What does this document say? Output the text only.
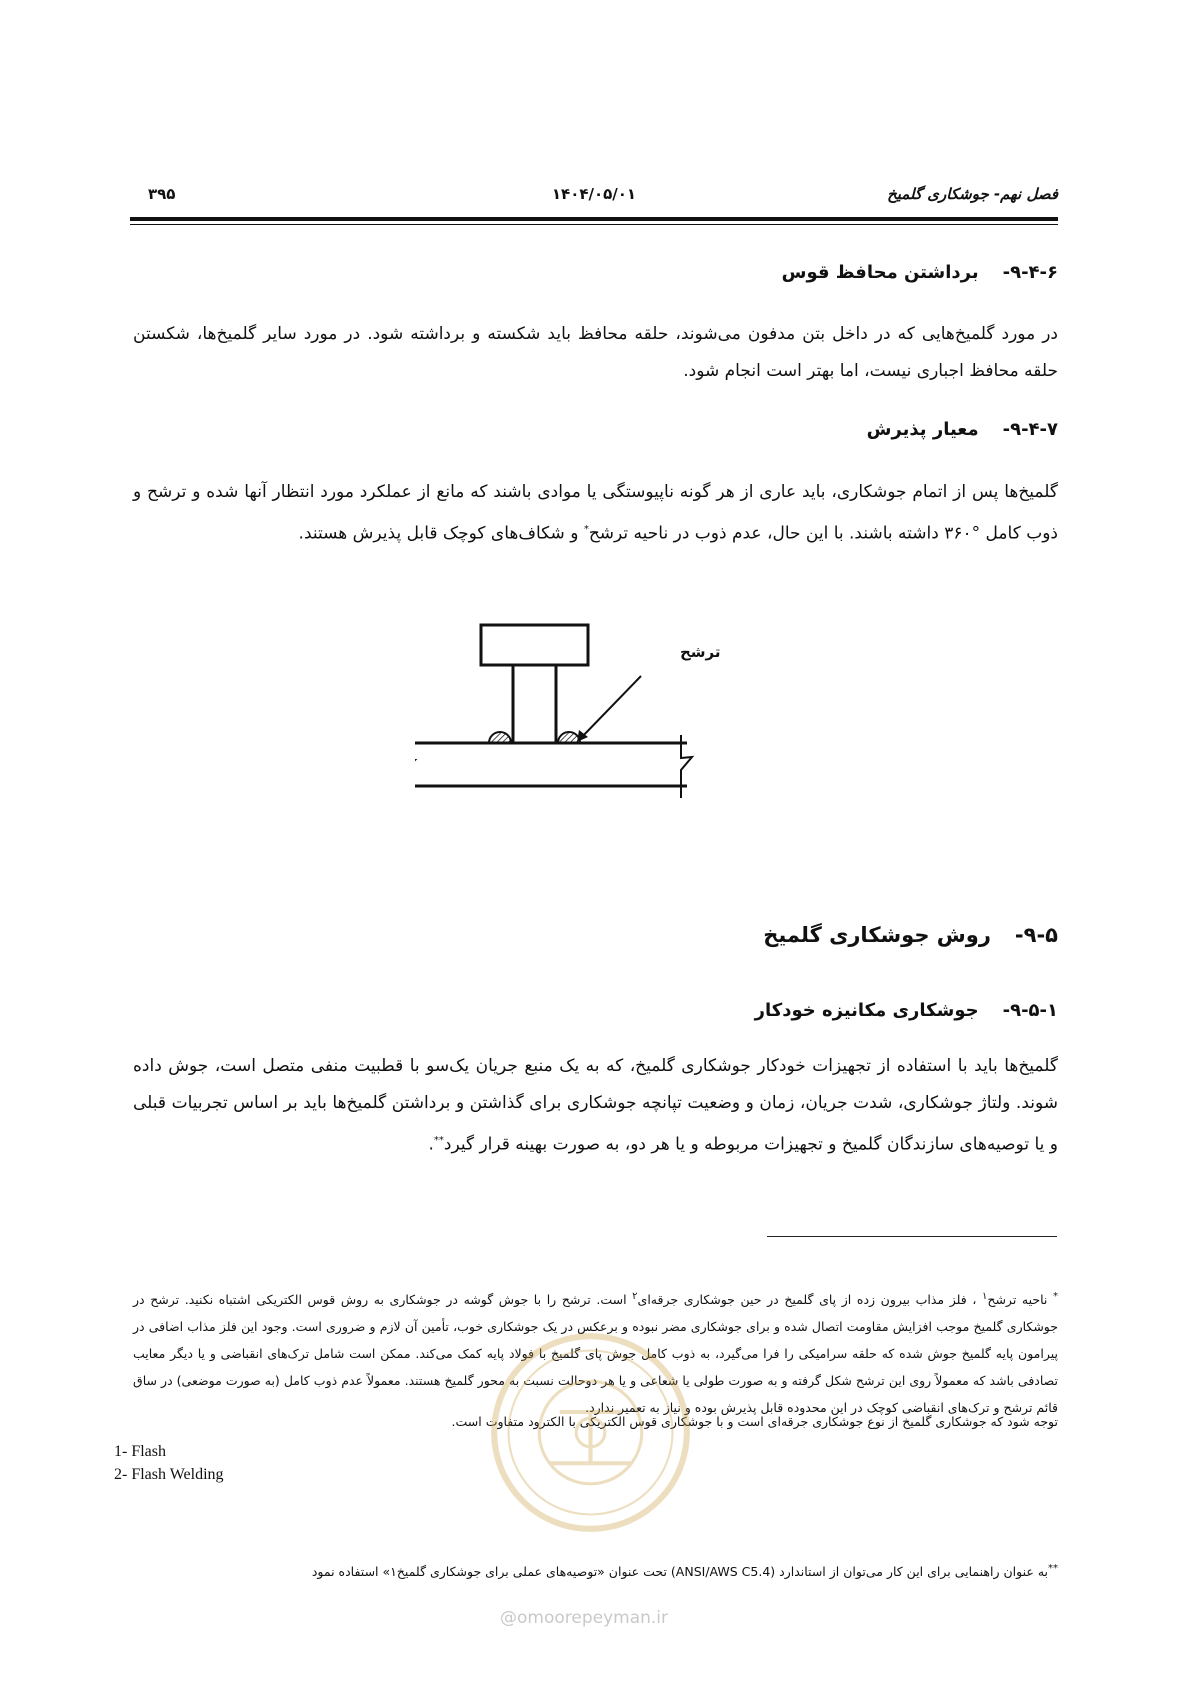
فصل نهم- جوشکاری گلمیخ
۱۴۰۴/۰۵/۰۱
۳۹۵
۹-۴-۶-برداشتن محافظ قوس
در مورد گلمیخ‌هایی که در داخل بتن مدفون می‌شوند، حلقه محافظ باید شکسته و برداشته شود. در مورد سایر گلمیخ‌ها، شکستن حلقه محافظ اجباری نیست، اما بهتر است انجام شود.
۹-۴-۷-معیار پذیرش
گلمیخ‌ها پس از اتمام جوشکاری، باید عاری از هر گونه ناپیوستگی یا موادی باشند که مانع از عملکرد مورد انتظار آنها شده و ترشح و ذوب کامل °۳۶۰ داشته باشند. با این حال، عدم ذوب در ناحیه ترشح* و شکاف‌های کوچک قابل پذیرش هستند.
ترشح
۹-۵-روش جوشکاری گلمیخ
۹-۵-۱-جوشکاری مکانیزه خودکار
گلمیخ‌ها باید با استفاده از تجهیزات خودکار جوشکاری گلمیخ، که به یک منبع جریان یک‌سو با قطبیت منفی متصل است، جوش داده شوند. ولتاژ جوشکاری، شدت جریان، زمان و وضعیت تپانچه جوشکاری برای گذاشتن و برداشتن گلمیخ‌ها باید بر اساس تجربیات قبلی و یا توصیه‌های سازندگان گلمیخ و تجهیزات مربوطه و یا هر دو، به صورت بهینه قرار گیرد**.
* ناحیه ترشح$^۱$ ، فلز مذاب بیرون زده از پای گلمیخ در حین جوشکاری جرقه‌ای$^۲$ است. ترشح را با جوش گوشه در جوشکاری به روش قوس الکتریکی اشتباه نکنید. ترشح در جوشکاری گلمیخ موجب افزایش مقاومت اتصال شده و برای جوشکاری مضر نبوده و برعکس در یک جوشکاری خوب، تأمین آن لازم و ضروری است. وجود این فلز مذاب اضافی در پیرامون پایه گلمیخ جوش شده که حلقه سرامیکی را فرا می‌گیرد، به ذوب کامل جوش پای گلمیخ با فولاد پایه کمک می‌کند. ممکن است شامل ترک‌های انقباضی و یا دیگر معایب تصادفی باشد که معمولاً روی این ترشح شکل گرفته و به صورت طولی یا شعاعی و یا هر دوحالت نسبت به محور گلمیخ هستند. معمولاً عدم ذوب کامل (به صورت موضعی) در ساق قائم ترشح و ترک‌های انقباضی کوچک در این محدوده قابل پذیرش بوده و نیاز به تعمیر ندارد.
توجه شود که جوشکاری گلمیخ از نوع جوشکاری جرقه‌ای است و با جوشکاری قوس الکتریکی با الکترود متفاوت است.
1- Flash
2- Flash Welding
**به عنوان راهنمایی برای این کار می‌توان از استاندارد (ANSI/AWS C5.4) تحت عنوان «توصیه‌های عملی برای جوشکاری گلمیخ۱» استفاده نمود
@omoorepeyman.ir
